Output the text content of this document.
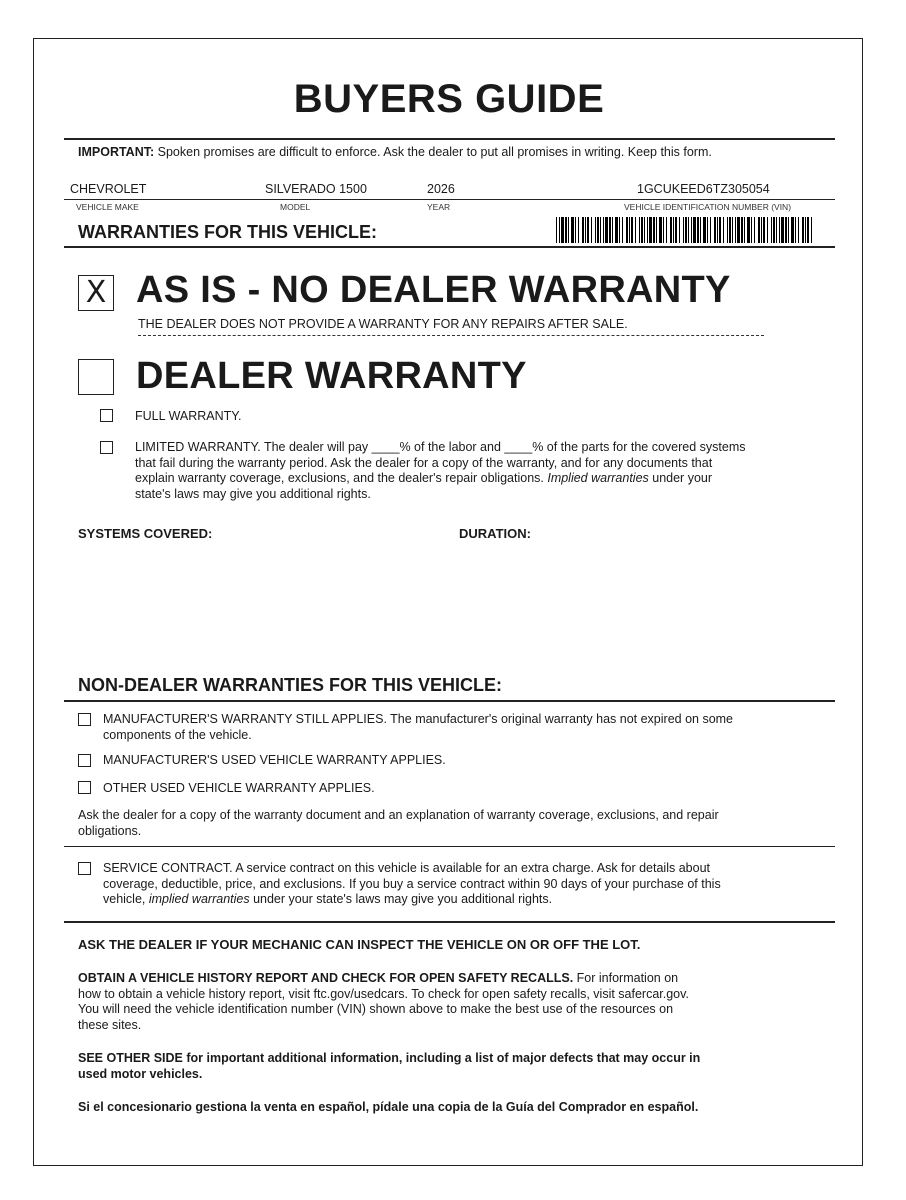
BUYERS GUIDE
IMPORTANT: Spoken promises are difficult to enforce. Ask the dealer to put all promises in writing. Keep this form.
CHEVROLET	SILVERADO 1500	2026	1GCUKEED6TZ305054
VEHICLE MAKE	MODEL	YEAR	VEHICLE IDENTIFICATION NUMBER (VIN)
WARRANTIES FOR THIS VEHICLE:
X AS IS - NO DEALER WARRANTY
THE DEALER DOES NOT PROVIDE A WARRANTY FOR ANY REPAIRS AFTER SALE.
DEALER WARRANTY
FULL WARRANTY.
LIMITED WARRANTY. The dealer will pay ____% of the labor and ____% of the parts for the covered systems
that fail during the warranty period. Ask the dealer for a copy of the warranty, and for any documents that
explain warranty coverage, exclusions, and the dealer's repair obligations. Implied warranties under your
state's laws may give you additional rights.
SYSTEMS COVERED:	DURATION:
NON-DEALER WARRANTIES FOR THIS VEHICLE:
MANUFACTURER'S WARRANTY STILL APPLIES. The manufacturer's original warranty has not expired on some
components of the vehicle.
MANUFACTURER'S USED VEHICLE WARRANTY APPLIES.
OTHER USED VEHICLE WARRANTY APPLIES.
Ask the dealer for a copy of the warranty document and an explanation of warranty coverage, exclusions, and repair
obligations.
SERVICE CONTRACT. A service contract on this vehicle is available for an extra charge. Ask for details about
coverage, deductible, price, and exclusions. If you buy a service contract within 90 days of your purchase of this
vehicle, implied warranties under your state's laws may give you additional rights.
ASK THE DEALER IF YOUR MECHANIC CAN INSPECT THE VEHICLE ON OR OFF THE LOT.
OBTAIN A VEHICLE HISTORY REPORT AND CHECK FOR OPEN SAFETY RECALLS. For information on
how to obtain a vehicle history report, visit ftc.gov/usedcars. To check for open safety recalls, visit safercar.gov.
You will need the vehicle identification number (VIN) shown above to make the best use of the resources on
these sites.
SEE OTHER SIDE for important additional information, including a list of major defects that may occur in
used motor vehicles.
Si el concesionario gestiona la venta en español, pídale una copia de la Guía del Comprador en español.
